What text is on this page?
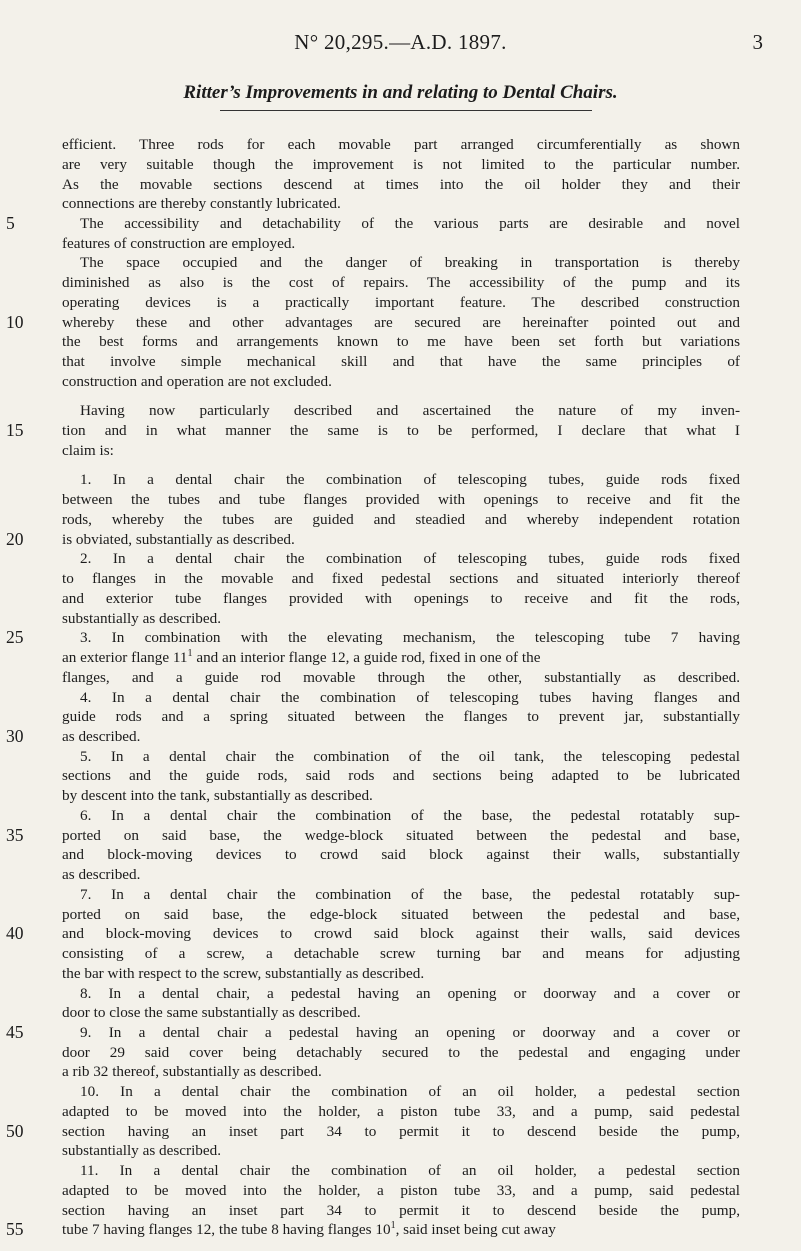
N° 20,295.—A.D. 1897.	3
Ritter’s Improvements in and relating to Dental Chairs.
5
10
15
20
25
30
35
40
45
50
55
efficient. Three rods for each movable part arranged circumferentially as shown
are very suitable though the improvement is not limited to the particular number.
As the movable sections descend at times into the oil holder they and their
connections are thereby constantly lubricated.
The accessibility and detachability of the various parts are desirable and novel
features of construction are employed.
The space occupied and the danger of breaking in transportation is thereby
diminished as also is the cost of repairs. The accessibility of the pump and its
operating devices is a practically important feature. The described construction
whereby these and other advantages are secured are hereinafter pointed out and
the best forms and arrangements known to me have been set forth but variations
that involve simple mechanical skill and that have the same principles of
construction and operation are not excluded.
Having now particularly described and ascertained the nature of my inven-
tion and in what manner the same is to be performed, I declare that what I
claim is:
1. In a dental chair the combination of telescoping tubes, guide rods fixed
between the tubes and tube flanges provided with openings to receive and fit the
rods, whereby the tubes are guided and steadied and whereby independent rotation
is obviated, substantially as described.
2. In a dental chair the combination of telescoping tubes, guide rods fixed
to flanges in the movable and fixed pedestal sections and situated interiorly thereof
and exterior tube flanges provided with openings to receive and fit the rods,
substantially as described.
3. In combination with the elevating mechanism, the telescoping tube 7 having
an exterior flange $11^1$ and an interior flange 12, a guide rod, fixed in one of the
flanges, and a guide rod movable through the other, substantially as described.
4. In a dental chair the combination of telescoping tubes having flanges and
guide rods and a spring situated between the flanges to prevent jar, substantially
as described.
5. In a dental chair the combination of the oil tank, the telescoping pedestal
sections and the guide rods, said rods and sections being adapted to be lubricated
by descent into the tank, substantially as described.
6. In a dental chair the combination of the base, the pedestal rotatably sup-
ported on said base, the wedge-block situated between the pedestal and base,
and block-moving devices to crowd said block against their walls, substantially
as described.
7. In a dental chair the combination of the base, the pedestal rotatably sup-
ported on said base, the edge-block situated between the pedestal and base,
and block-moving devices to crowd said block against their walls, said devices
consisting of a screw, a detachable screw turning bar and means for adjusting
the bar with respect to the screw, substantially as described.
8. In a dental chair, a pedestal having an opening or doorway and a cover or
door to close the same substantially as described.
9. In a dental chair a pedestal having an opening or doorway and a cover or
door 29 said cover being detachably secured to the pedestal and engaging under
a rib 32 thereof, substantially as described.
10. In a dental chair the combination of an oil holder, a pedestal section
adapted to be moved into the holder, a piston tube 33, and a pump, said pedestal
section having an inset part 34 to permit it to descend beside the pump,
substantially as described.
11. In a dental chair the combination of an oil holder, a pedestal section
adapted to be moved into the holder, a piston tube 33, and a pump, said pedestal
section having an inset part 34 to permit it to descend beside the pump,
tube 7 having flanges 12, the tube 8 having flanges $10^1$, said inset being cut away
